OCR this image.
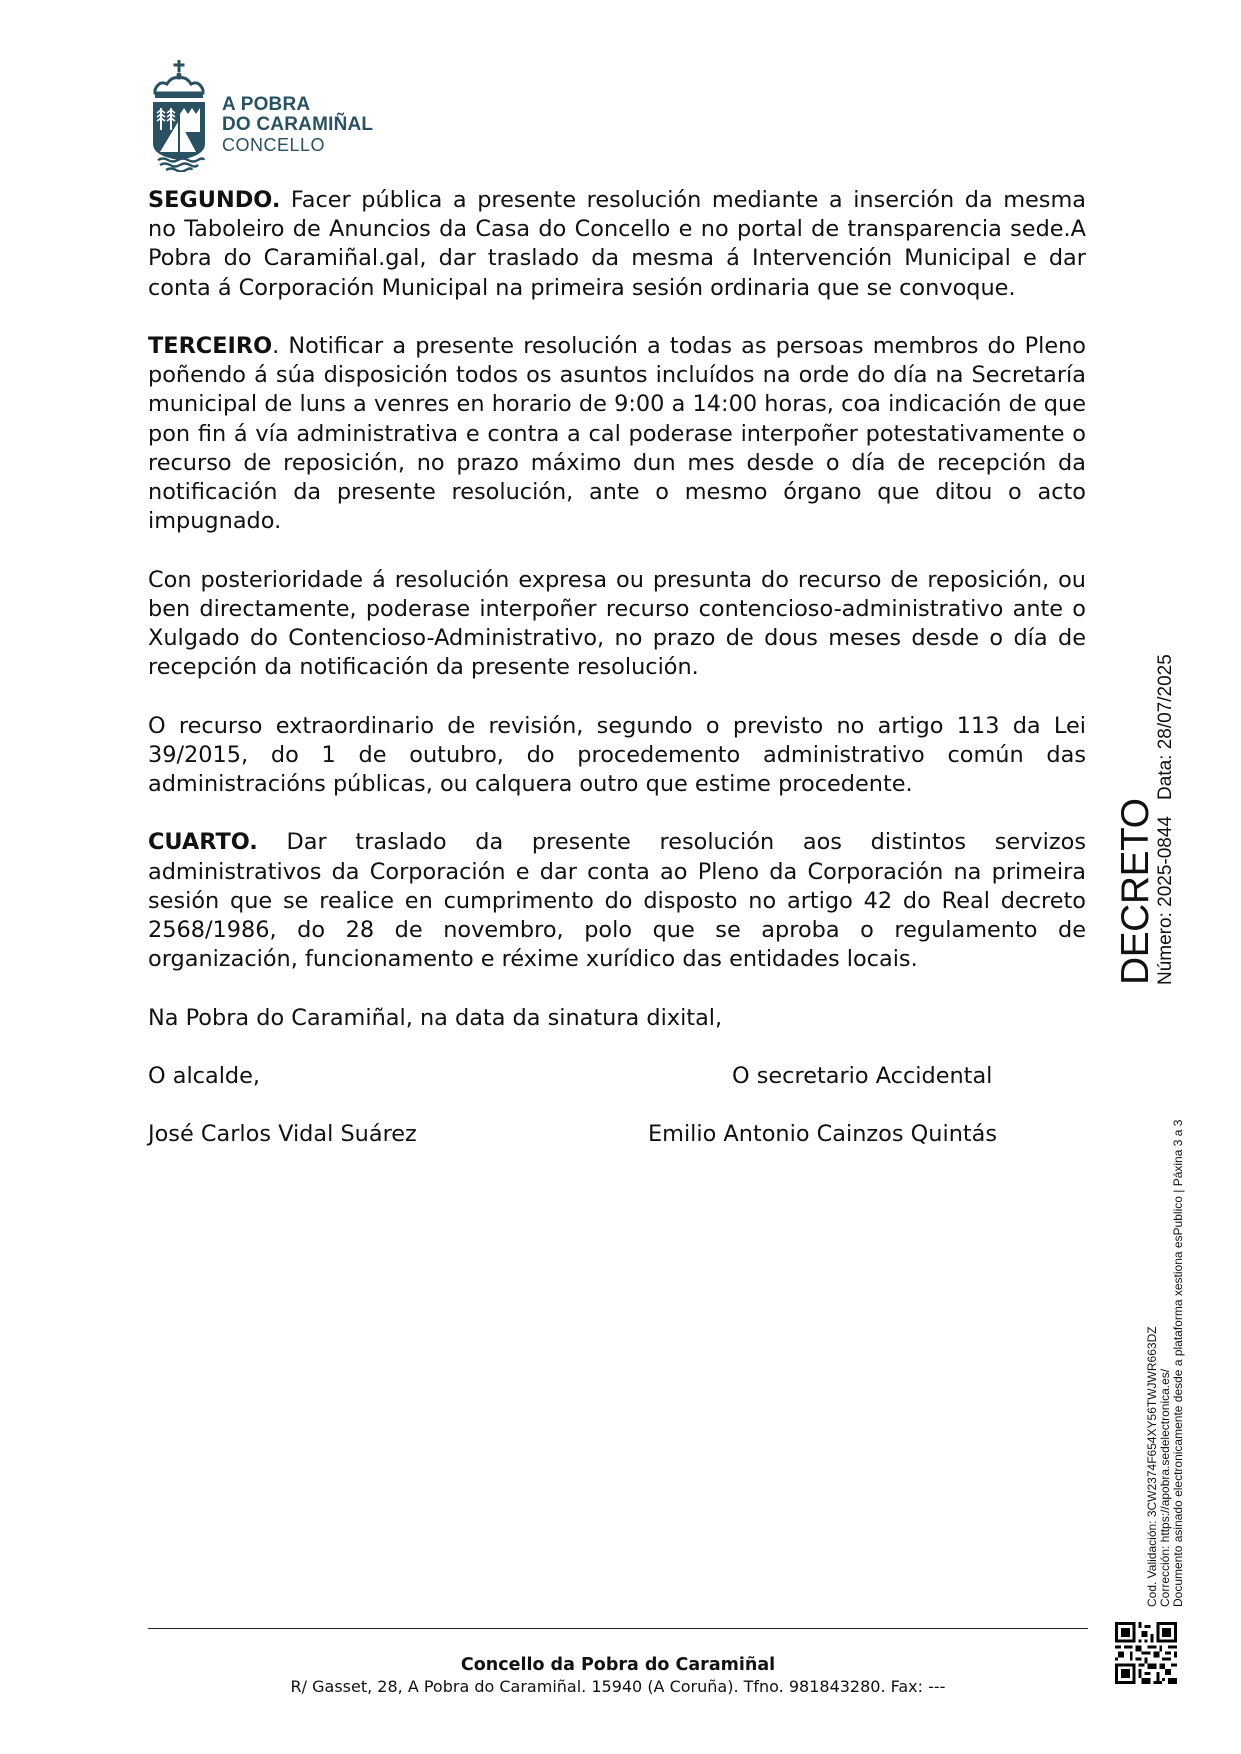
A POBRA
DO CARAMIÑAL
CONCELLO

SEGUNDO. Facer pública a presente resolución mediante a inserción da mesma no Taboleiro de Anuncios da Casa do Concello e no portal de transparencia sede.A Pobra do Caramiñal.gal, dar traslado da mesma á Intervención Municipal e dar conta á Corporación Municipal na primeira sesión ordinaria que se convoque.

TERCEIRO. Notificar a presente resolución a todas as persoas membros do Pleno poñendo á súa disposición todos os asuntos incluídos na orde do día na Secretaría municipal de luns a venres en horario de 9:00 a 14:00 horas, coa indicación de que pon fin á vía administrativa e contra a cal poderase interpoñer potestativamente o recurso de reposición, no prazo máximo dun mes desde o día de recepción da notificación da presente resolución, ante o mesmo órgano que ditou o acto impugnado.

Con posterioridade á resolución expresa ou presunta do recurso de reposición, ou ben directamente, poderase interpoñer recurso contencioso-administrativo ante o Xulgado do Contencioso-Administrativo, no prazo de dous meses desde o día de recepción da notificación da presente resolución.

O recurso extraordinario de revisión, segundo o previsto no artigo 113 da Lei 39/2015, do 1 de outubro, do procedemento administrativo común das administracións públicas, ou calquera outro que estime procedente.

CUARTO. Dar traslado da presente resolución aos distintos servizos administrativos da Corporación e dar conta ao Pleno da Corporación na primeira sesión que se realice en cumprimento do disposto no artigo 42 do Real decreto 2568/1986, do 28 de novembro, polo que se aproba o regulamento de organización, funcionamento e réxime xurídico das entidades locais.

Na Pobra do Caramiñal, na data da sinatura dixital,

O alcalde,	O secretario Accidental
José Carlos Vidal Suárez	Emilio Antonio Cainzos Quintás
DECRETO
Número: 2025-0844
Data: 28/07/2025
Cod. Validación: 3CW2374F654XY56TWJWR663DZ Corrección: https://apobra.sedelectronica.es/ Documento asinado electronicamente desde a plataforma xestiona esPublico | Páxina 3 a 3
Concello da Pobra do Caramiñal
R/ Gasset, 28, A Pobra do Caramiñal. 15940 (A Coruña). Tfno. 981843280. Fax: ---
